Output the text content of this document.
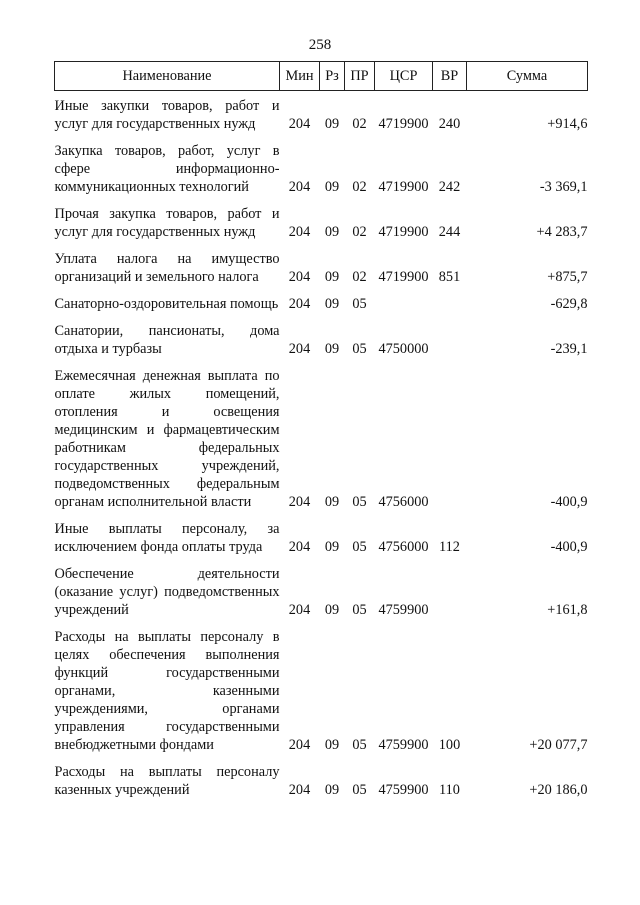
258
Наименование	Мин	Рз	ПР	ЦСР	ВР	Сумма
Иные закупки товаров, работ и услуг для государственных нужд	204	09	02	4719900	240	+914,6
Закупка товаров, работ, услуг в сфере информационно-коммуникационных технологий	204	09	02	4719900	242	-3 369,1
Прочая закупка товаров, работ и услуг для государственных нужд	204	09	02	4719900	244	+4 283,7
Уплата налога на имущество организаций и земельного налога	204	09	02	4719900	851	+875,7
Санаторно-оздоровительная помощь	204	09	05			-629,8
Санатории, пансионаты, дома отдыха и турбазы	204	09	05	4750000		-239,1
Ежемесячная денежная выплата по оплате жилых помещений, отопления и освещения медицинским и фармацевтическим работникам федеральных государственных учреждений, подведомственных федеральным органам исполнительной власти	204	09	05	4756000		-400,9
Иные выплаты персоналу, за исключением фонда оплаты труда	204	09	05	4756000	112	-400,9
Обеспечение деятельности (оказание услуг) подведомственных учреждений	204	09	05	4759900		+161,8
Расходы на выплаты персоналу в целях обеспечения выполнения функций государственными органами, казенными учреждениями, органами управления государственными внебюджетными фондами	204	09	05	4759900	100	+20 077,7
Расходы на выплаты персоналу казенных учреждений	204	09	05	4759900	110	+20 186,0
